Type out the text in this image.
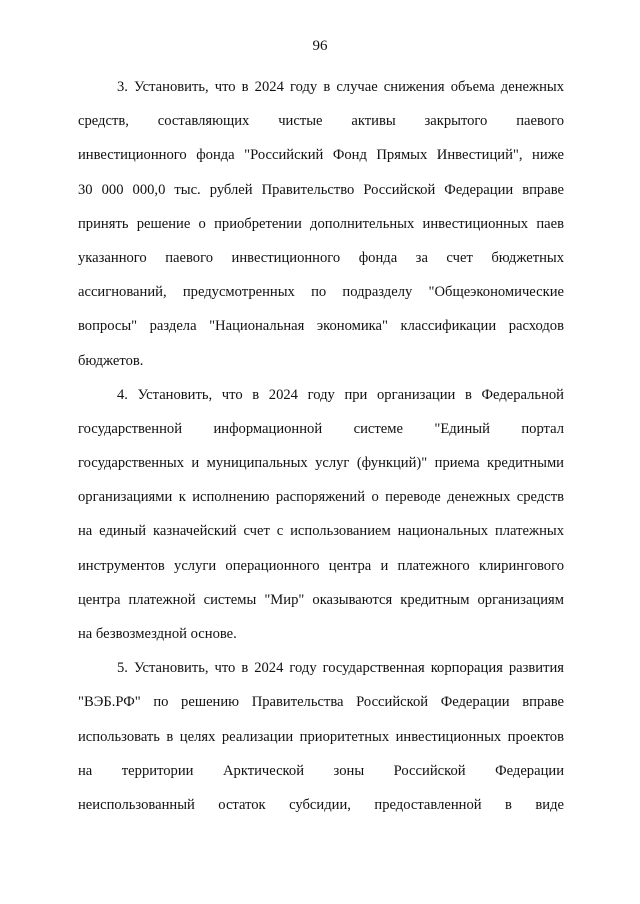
96

3. Установить, что в 2024 году в случае снижения объема денежных
средств, составляющих чистые активы закрытого паевого
инвестиционного фонда "Российский Фонд Прямых Инвестиций", ниже
30 000 000,0 тыс. рублей Правительство Российской Федерации вправе
принять решение о приобретении дополнительных инвестиционных паев
указанного паевого инвестиционного фонда за счет бюджетных
ассигнований, предусмотренных по подразделу "Общеэкономические
вопросы" раздела "Национальная экономика" классификации расходов
бюджетов.

4. Установить, что в 2024 году при организации в Федеральной
государственной информационной системе "Единый портал
государственных и муниципальных услуг (функций)" приема кредитными
организациями к исполнению распоряжений о переводе денежных средств
на единый казначейский счет с использованием национальных платежных
инструментов услуги операционного центра и платежного клирингового
центра платежной системы "Мир" оказываются кредитным организациям
на безвозмездной основе.

5. Установить, что в 2024 году государственная корпорация развития
"ВЭБ.РФ" по решению Правительства Российской Федерации вправе
использовать в целях реализации приоритетных инвестиционных проектов
на территории Арктической зоны Российской Федерации
неиспользованный остаток субсидии, предоставленной в виде
